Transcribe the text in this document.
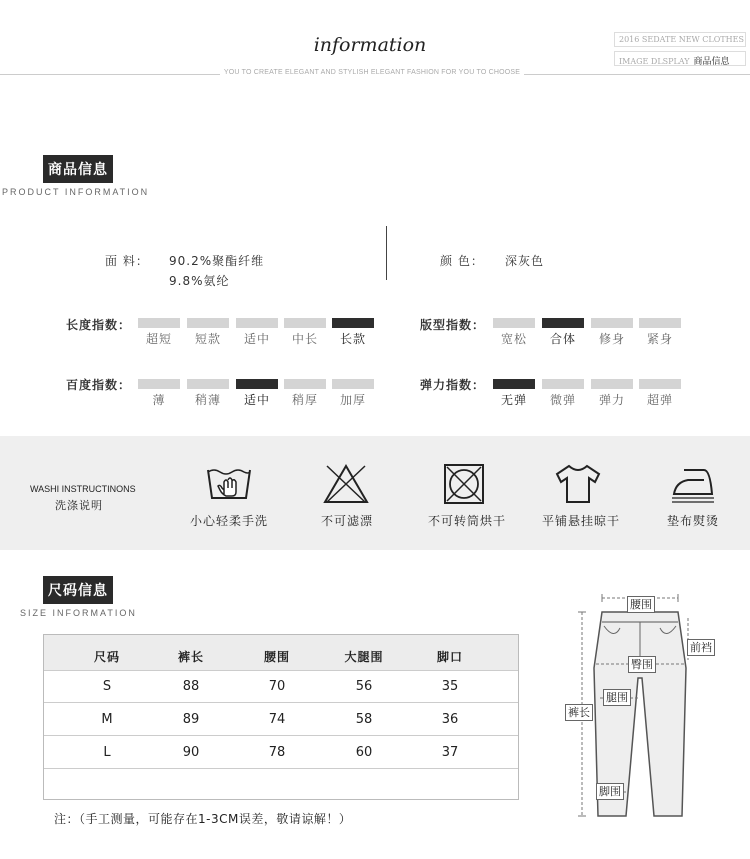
information
YOU TO CREATE ELEGANT AND STYLISH ELEGANT FASHION FOR YOU TO CHOOSE
2016 SEDATE NEW CLOTHES
IMAGE DLSPLAY 商品信息
商品信息
PRODUCT INFORMATION
面 料： 90.2%聚酯纤维
9.8%氨纶
颜 色： 深灰色
长度指数：
超短	短款	适中	中长	长款
版型指数：
宽松	合体	修身	紧身
百度指数：
薄	稍薄	适中	稍厚	加厚
弹力指数：
无弹	微弹	弹力	超弹
WASHI INSTRUCTINONS
洗涤说明
小心轻柔手洗	不可滤漂	不可转筒烘干	平铺悬挂晾干	垫布熨烫
尺码信息
SIZE INFORMATION
尺码	裤长	腰围	大腿围	脚口
S	88	70	56	35
M	89	74	58	36
L	90	78	60	37
注：（手工测量，可能存在1-3CM误差，敬请谅解！）
腰围
前裆
臀围
裤长
腿围
脚围
